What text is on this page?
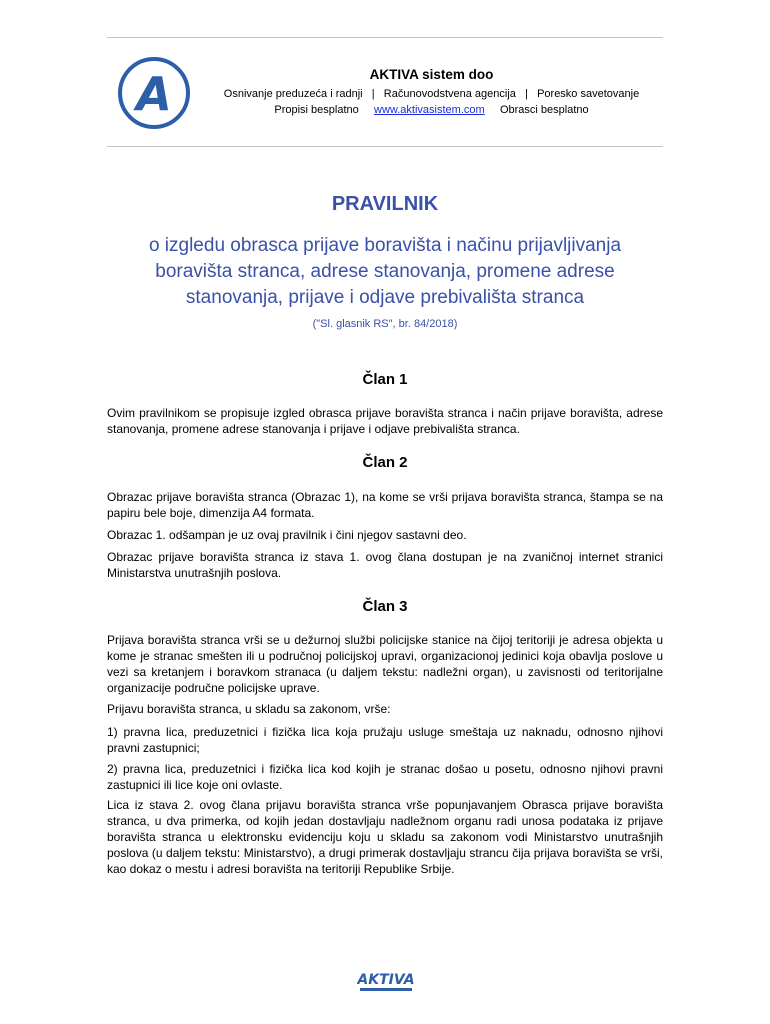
A	AKTIVA sistem doo
Osnivanje preduzeća i radnji   |   Računovodstvena agencija   |   Poresko savetovanje
Propisi besplatno www.aktivasistem.com Obrasci besplatno
PRAVILNIK
o izgledu obrasca prijave boravišta i načinu prijavljivanja
boravišta stranca, adrese stanovanja, promene adrese
stanovanja, prijave i odjave prebivališta stranca
("Sl. glasnik RS", br. 84/2018)
Član 1
Ovim pravilnikom se propisuje izgled obrasca prijave boravišta stranca i način prijave boravišta, adrese stanovanja, promene adrese stanovanja i prijave i odjave prebivališta stranca.
Član 2
Obrazac prijave boravišta stranca (Obrazac 1), na kome se vrši prijava boravišta stranca, štampa se na papiru bele boje, dimenzija A4 formata.
Obrazac 1. odšampan je uz ovaj pravilnik i čini njegov sastavni deo.
Obrazac prijave boravišta stranca iz stava 1. ovog člana dostupan je na zvaničnoj internet stranici Ministarstva unutrašnjih poslova.
Član 3
Prijava boravišta stranca vrši se u dežurnoj službi policijske stanice na čijoj teritoriji je adresa objekta u kome je stranac smešten ili u područnoj policijskoj upravi, organizacionoj jedinici koja obavlja poslove u vezi sa kretanjem i boravkom stranaca (u daljem tekstu: nadležni organ), u zavisnosti od teritorijalne organizacije područne policijske uprave.
Prijavu boravišta stranca, u skladu sa zakonom, vrše:
1) pravna lica, preduzetnici i fizička lica koja pružaju usluge smeštaja uz naknadu, odnosno njihovi pravni zastupnici;
2) pravna lica, preduzetnici i fizička lica kod kojih je stranac došao u posetu, odnosno njihovi pravni zastupnici ili lice koje oni ovlaste.
Lica iz stava 2. ovog člana prijavu boravišta stranca vrše popunjavanjem Obrasca prijave boravišta stranca, u dva primerka, od kojih jedan dostavljaju nadležnom organu radi unosa podataka iz prijave boravišta stranca u elektronsku evidenciju koju u skladu sa zakonom vodi Ministarstvo unutrašnjih poslova (u daljem tekstu: Ministarstvo), a drugi primerak dostavljaju strancu čija prijava boravišta se vrši, kao dokaz o mestu i adresi boravišta na teritoriji Republike Srbije.
AKTIVA
